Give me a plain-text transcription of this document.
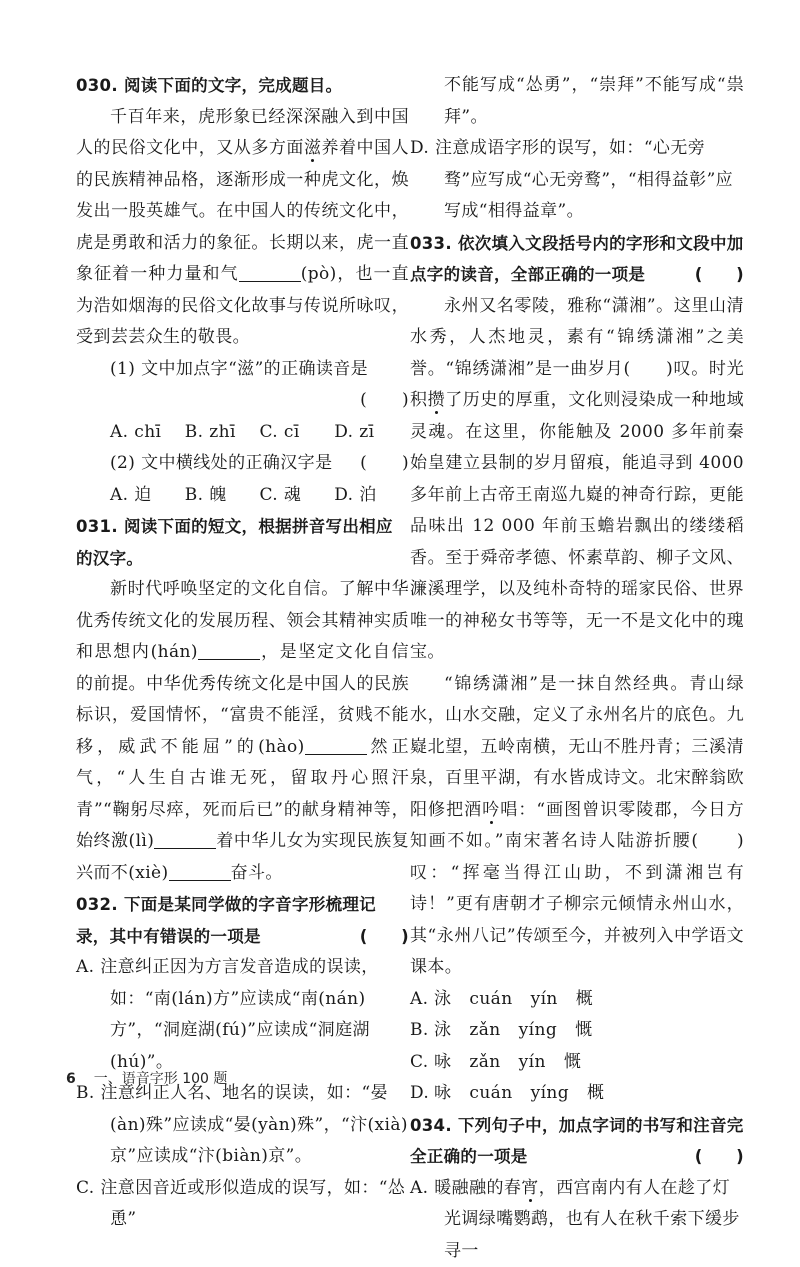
030. 阅读下面的文字，完成题目。

千百年来，虎形象已经深深融入到中国人的民俗文化中，又从多方面滋养着中国人的民族精神品格，逐渐形成一种虎文化，焕发出一股英雄气。在中国人的传统文化中，虎是勇敢和活力的象征。长期以来，虎一直象征着一种力量和气	(pò)，也一直为浩如烟海的民俗文化故事与传说所咏叹，受到芸芸众生的敬畏。

(1) 文中加点字“滋”的正确读音是

(　　)

A. chī	B. zhī	C. cī	D. zī

(2) 文中横线处的正确汉字是 (　　)

A. 迫	B. 魄	C. 魂	D. 泊

031. 阅读下面的短文，根据拼音写出相应的汉字。

新时代呼唤坚定的文化自信。了解中华优秀传统文化的发展历程、领会其精神实质和思想内(hán)	，是坚定文化自信的前提。中华优秀传统文化是中国人的民族标识，爱国情怀，“富贵不能淫，贫贱不能移，威武不能屈”的(hào)	然正气，“人生自古谁无死，留取丹心照汗青”“鞠躬尽瘁，死而后已”的献身精神等，始终激(lì)	着中华儿女为实现民族复兴而不(xiè)	奋斗。

032. 下面是某同学做的字音字形梳理记录，其中有错误的一项是	(　　)

A. 注意纠正因为方言发音造成的误读，如：“南(lán)方”应读成“南(nán)方”，“洞庭湖(fú)”应读成“洞庭湖(hú)”。

B. 注意纠正人名、地名的误读，如：“晏(àn)殊”应读成“晏(yàn)殊”，“汴(xià)京”应读成“汴(biàn)京”。

C. 注意因音近或形似造成的误写，如：“怂恿”

不能写成“怂勇”，“崇拜”不能写成“祟拜”。

D. 注意成语字形的误写，如：“心无旁骛”应写成“心无旁鹜”，“相得益彰”应写成“相得益章”。

033. 依次填入文段括号内的字形和文段中加点字的读音，全部正确的一项是	(　　)

永州又名零陵，雅称“潇湘”。这里山清水秀，人杰地灵，素有“锦绣潇湘”之美誉。“锦绣潇湘”是一曲岁月(　　)叹。时光积攒了历史的厚重，文化则浸染成一种地域灵魂。在这里，你能触及 2000 多年前秦始皇建立县制的岁月留痕，能追寻到 4000 多年前上古帝王南巡九嶷的神奇行踪，更能品味出 12 000 年前玉蟾岩飘出的缕缕稻香。至于舜帝孝德、怀素草韵、柳子文风、濂溪理学，以及纯朴奇特的瑶家民俗、世界唯一的神秘女书等等，无一不是文化中的瑰宝。

“锦绣潇湘”是一抹自然经典。青山绿水，山水交融，定义了永州名片的底色。九嶷北望，五岭南横，无山不胜丹青；三溪清泉，百里平湖，有水皆成诗文。北宋醉翁欧阳修把酒吟唱：“画图曾识零陵郡，今日方知画不如。”南宋著名诗人陆游折腰(　　)叹：“挥毫当得江山助，不到潇湘岂有诗！”更有唐朝才子柳宗元倾情永州山水，其“永州八记”传颂至今，并被列入中学语文课本。

A. 泳 cuán yín 概

B. 泳 zǎn yíng 慨

C. 咏 zǎn yín 慨

D. 咏 cuán yíng 概

034. 下列句子中，加点字词的书写和注音完全正确的一项是	(　　)

A. 暖融融的春宵，西宫南内有人在趁了灯光调绿嘴鹦鹉，也有人在秋千索下缓步寻一

6 一、语音字形 100 题
